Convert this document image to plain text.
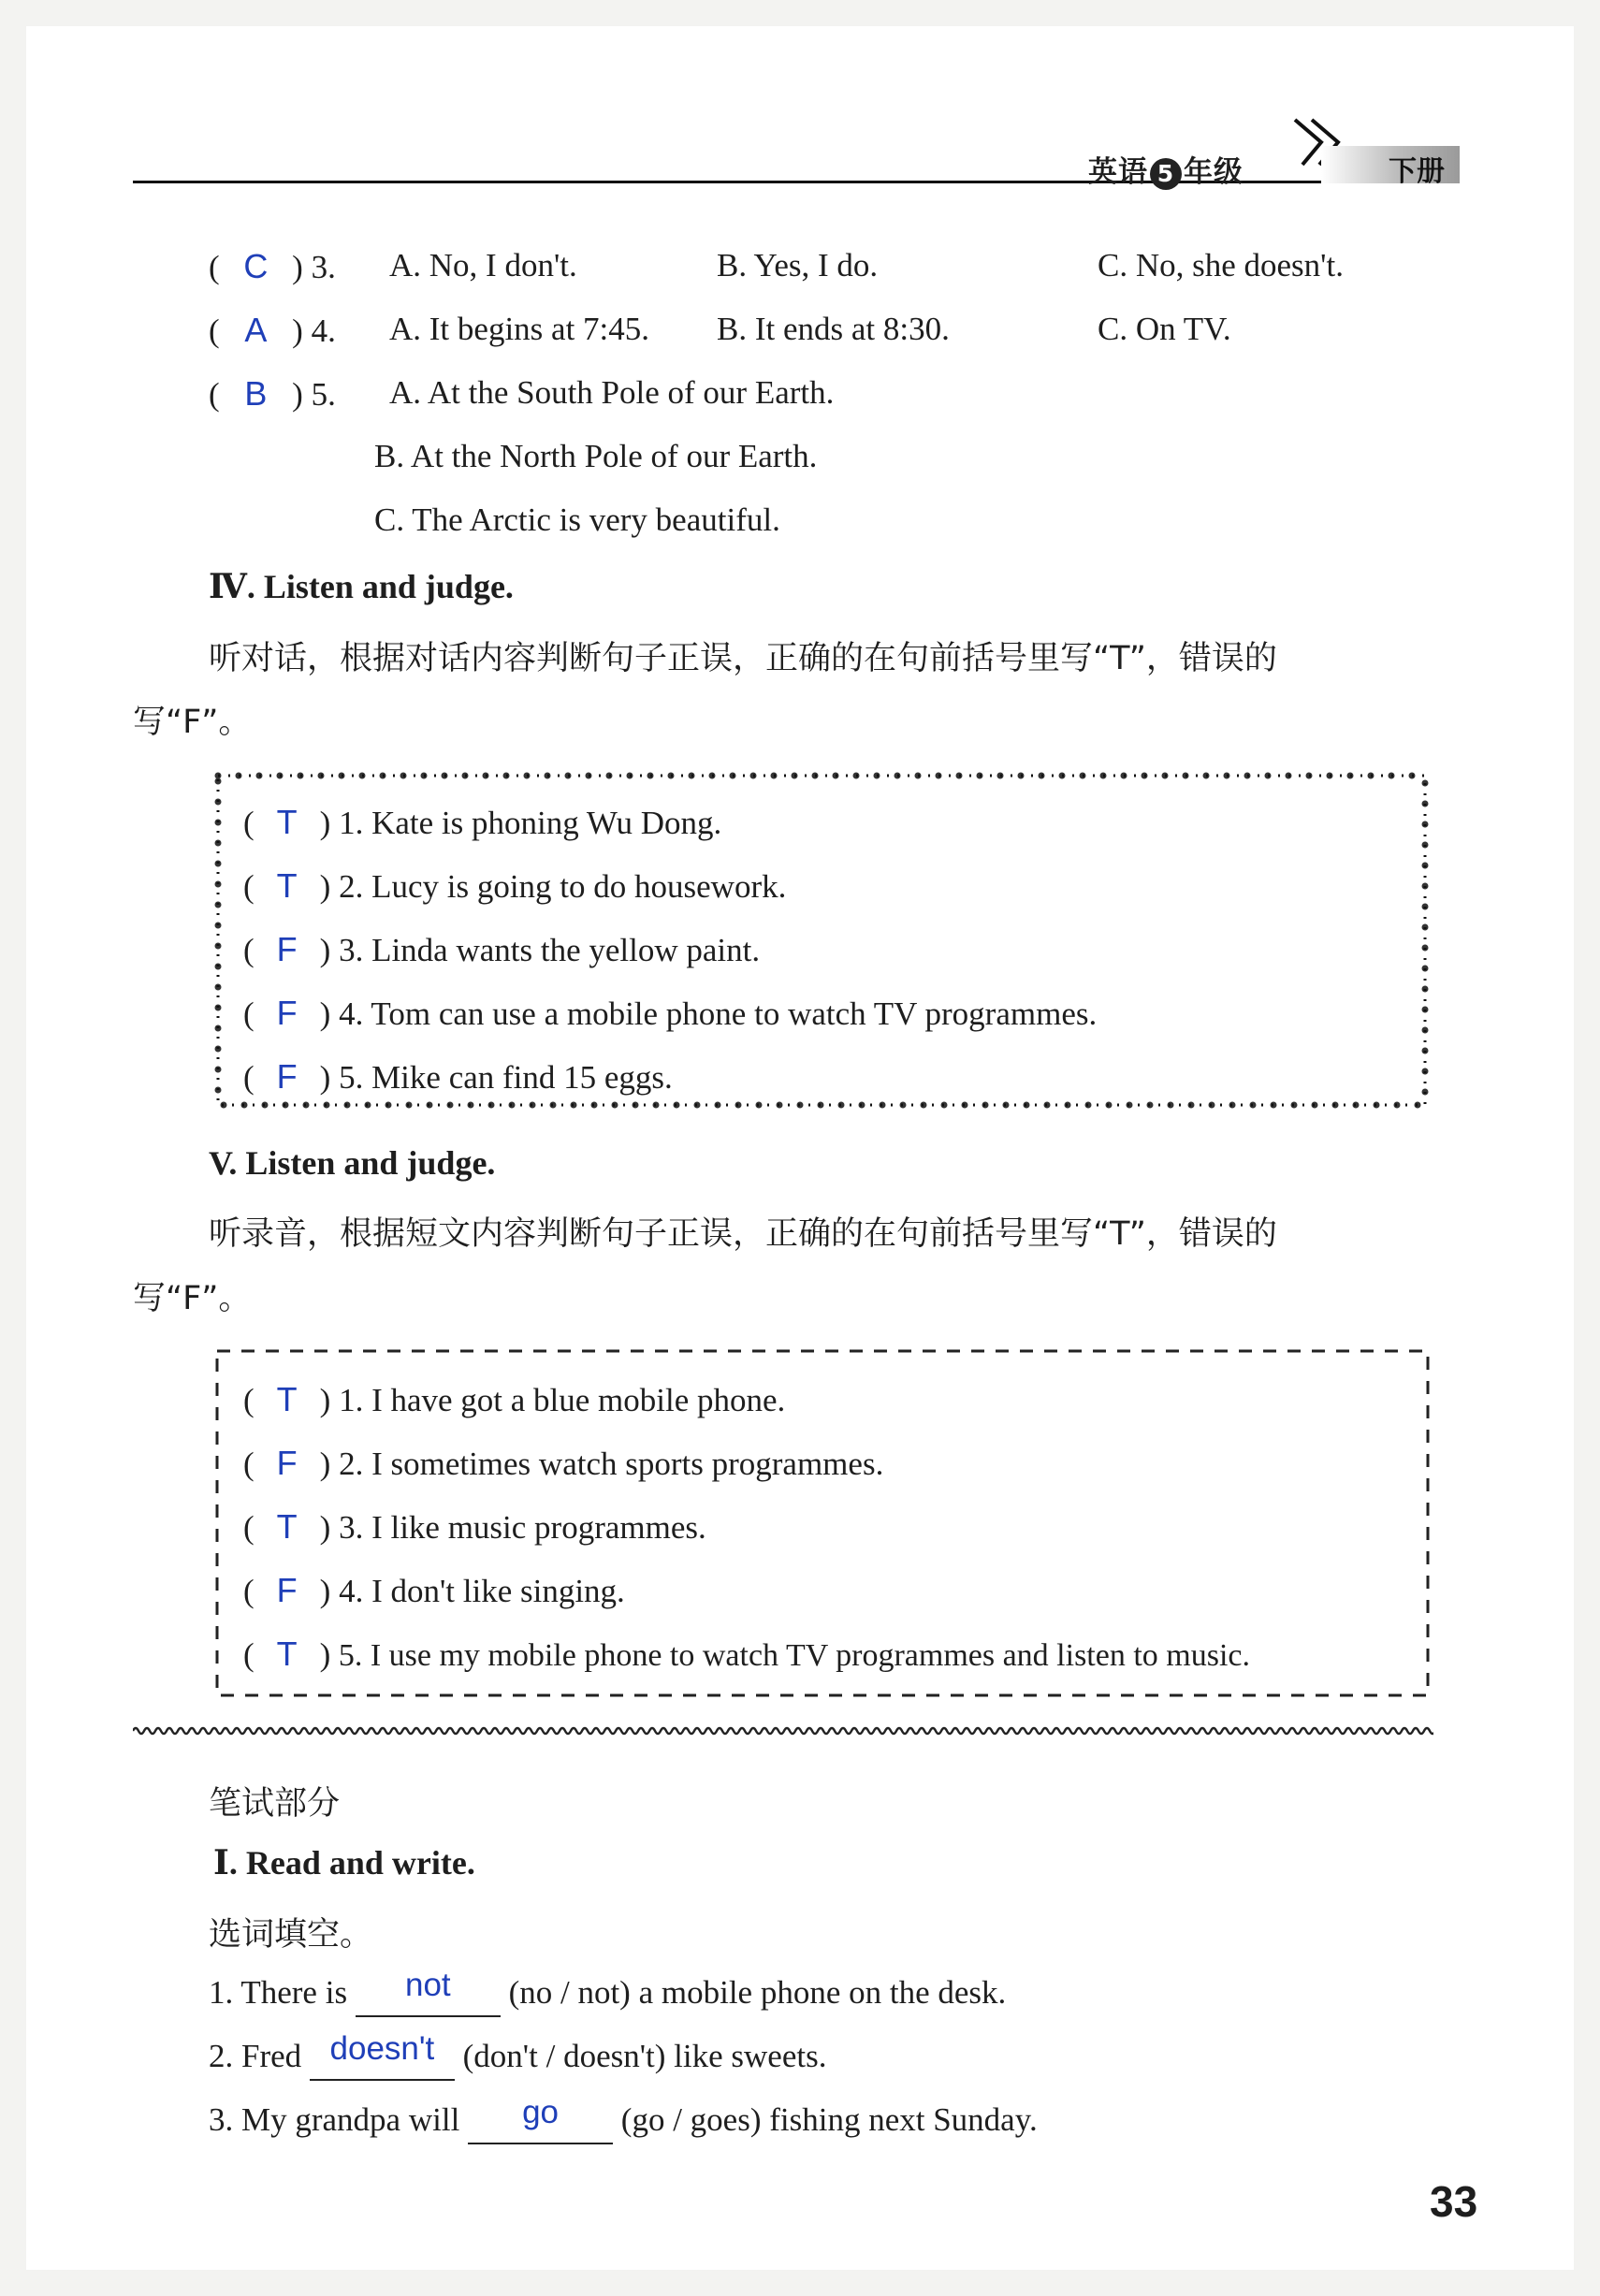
英语 5 年级	下册
( C ) 3. A. No, I don't.	B. Yes, I do.	C. No, she doesn't.
( A ) 4. A. It begins at 7:45. B. It ends at 8:30.	C. On TV.
( B ) 5. A. At the South Pole of our Earth.
B. At the North Pole of our Earth.
C. The Arctic is very beautiful.
Ⅳ. Listen and judge.
听对话，根据对话内容判断句子正误，正确的在句前括号里写“T”，错误的
写“F”。
( T ) 1. Kate is phoning Wu Dong.
( T ) 2. Lucy is going to do housework.
( F ) 3. Linda wants the yellow paint.
( F ) 4. Tom can use a mobile phone to watch TV programmes.
( F ) 5. Mike can find 15 eggs.
V. Listen and judge.
听录音，根据短文内容判断句子正误，正确的在句前括号里写“T”，错误的
写“F”。
( T ) 1. I have got a blue mobile phone.
( F ) 2. I sometimes watch sports programmes.
( T ) 3. I like music programmes.
( F ) 4. I don't like singing.
( T ) 5. I use my mobile phone to watch TV programmes and listen to music.
笔试部分
Ⅰ. Read and write.
选词填空。
1. There is not (no / not) a mobile phone on the desk.
2. Fred doesn't (don't / doesn't) like sweets.
3. My grandpa will go (go / goes) fishing next Sunday.
33
